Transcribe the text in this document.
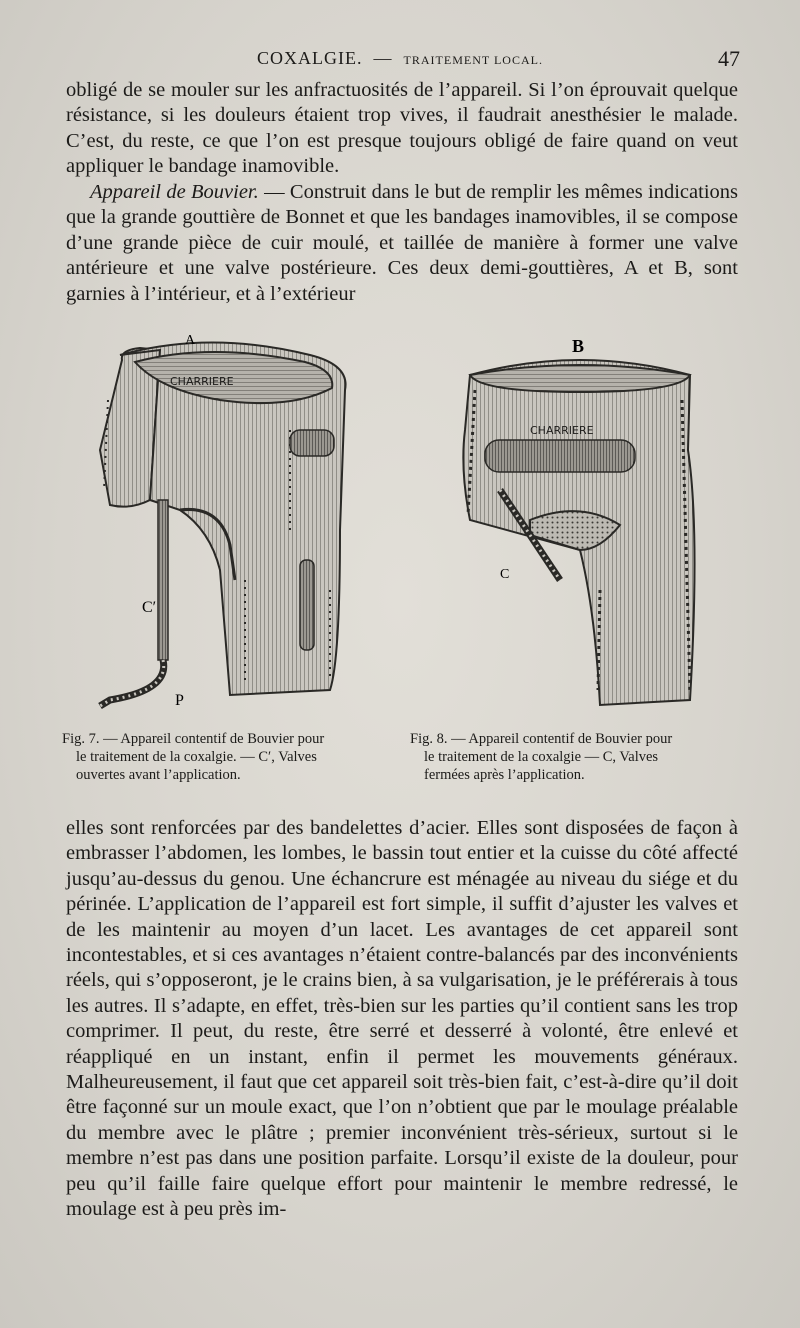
COXALGIE. — TRAITEMENT LOCAL.	47

obligé de se mouler sur les anfractuosités de l’appareil. Si l’on éprouvait quelque résistance, si les douleurs étaient trop vives, il faudrait anesthésier le malade. C’est, du reste, ce que l’on est presque toujours obligé de faire quand on veut appliquer le bandage inamovible.

Appareil de Bouvier. — Construit dans le but de remplir les mêmes indications que la grande gouttière de Bonnet et que les bandages inamovibles, il se compose d’une grande pièce de cuir moulé, et taillée de manière à former une valve antérieure et une valve postérieure. Ces deux demi-gouttières, A et B, sont garnies à l’intérieur, et à l’extérieur

CHARRIERE
A
C′
P
CHARRIERE
B
C
Fig. 7. — Appareil contentif de Bouvier pour
le traitement de la coxalgie. — C′, Valves
ouvertes avant l’application.
Fig. 8. — Appareil contentif de Bouvier pour
le traitement de la coxalgie — C, Valves
fermées après l’application.

elles sont renforcées par des bandelettes d’acier. Elles sont disposées de façon à embrasser l’abdomen, les lombes, le bassin tout entier et la cuisse du côté affecté jusqu’au-dessus du genou. Une échancrure est ménagée au niveau du siége et du périnée. L’application de l’appareil est fort simple, il suffit d’ajuster les valves et de les maintenir au moyen d’un lacet. Les avantages de cet appareil sont incontestables, et si ces avantages n’étaient contre-balancés par des inconvénients réels, qui s’opposeront, je le crains bien, à sa vulgarisation, je le préférerais à tous les autres. Il s’adapte, en effet, très-bien sur les parties qu’il contient sans les trop comprimer. Il peut, du reste, être serré et desserré à volonté, être enlevé et réappliqué en un instant, enfin il permet les mouvements généraux. Malheureusement, il faut que cet appareil soit très-bien fait, c’est-à-dire qu’il doit être façonné sur un moule exact, que l’on n’obtient que par le moulage préalable du membre avec le plâtre ; premier inconvénient très-sérieux, surtout si le membre n’est pas dans une position parfaite. Lorsqu’il existe de la douleur, pour peu qu’il faille faire quelque effort pour maintenir le membre redressé, le moulage est à peu près im-
